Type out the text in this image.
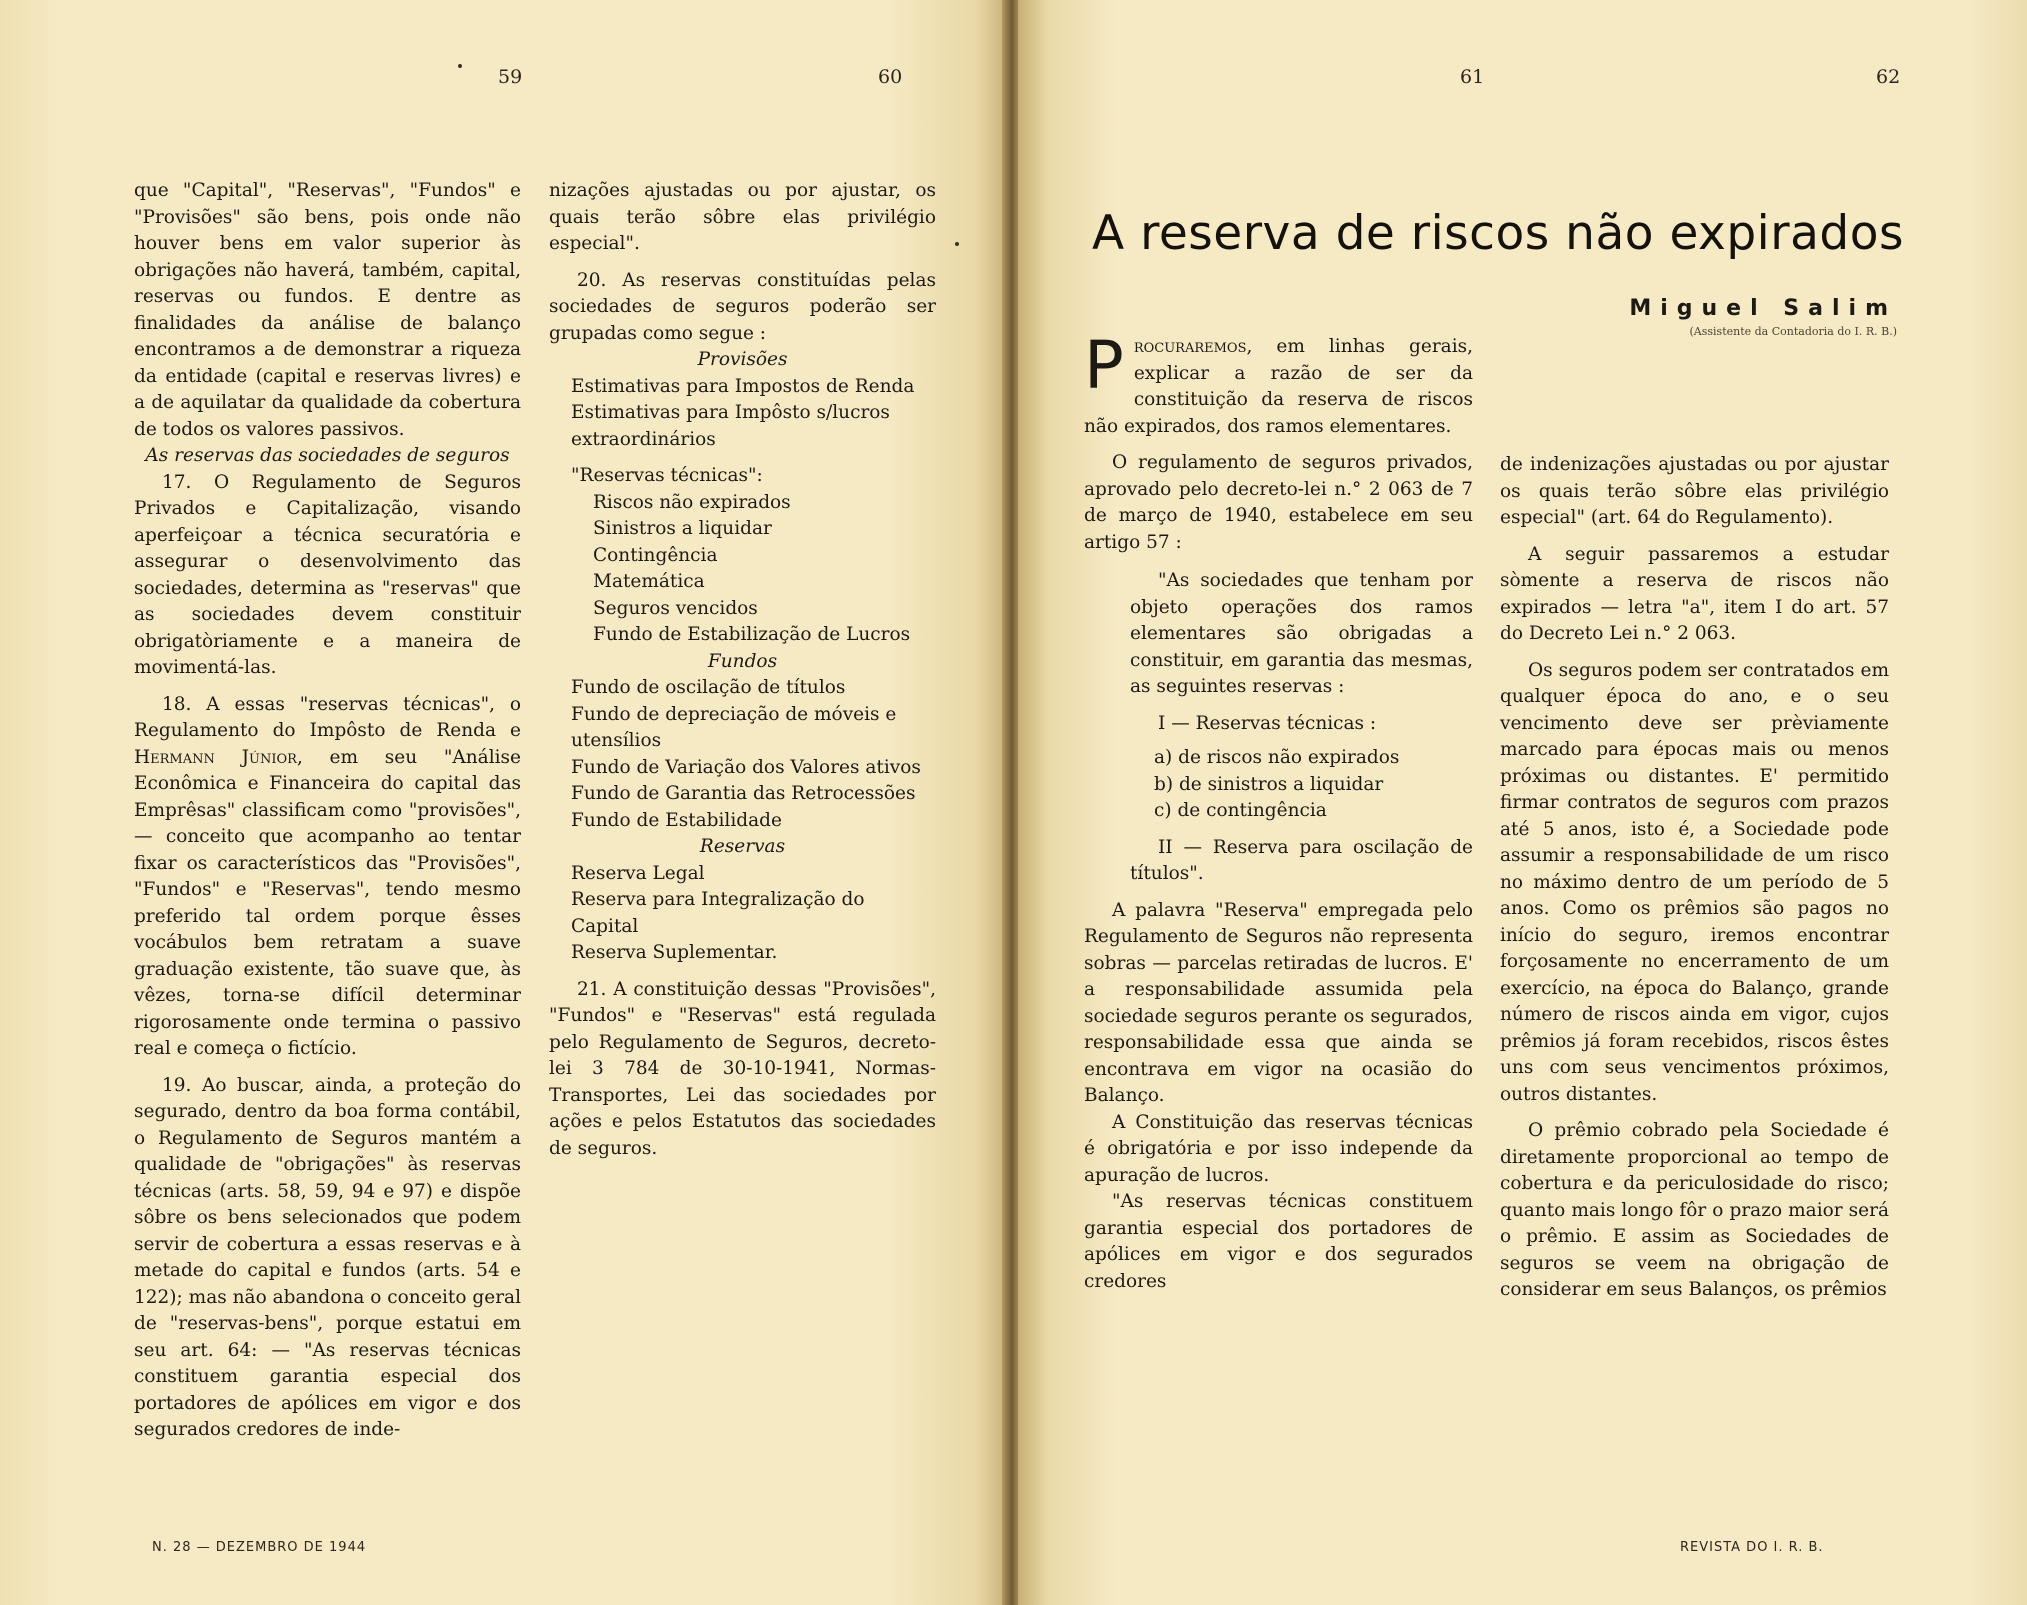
59	60

que "Capital", "Reservas", "Fundos" e "Provisões" são bens, pois onde não houver bens em valor superior às obrigações não haverá, também, capital, reservas ou fundos. E dentre as finalidades da análise de balanço encontramos a de demonstrar a riqueza da entidade (capital e reservas livres) e a de aquilatar da qualidade da cobertura de todos os valores passivos.

As reservas das sociedades de seguros

17. O Regulamento de Seguros Privados e Capitalização, visando aperfeiçoar a técnica securatória e assegurar o desenvolvimento das sociedades, determina as "reservas" que as sociedades devem constituir obrigatòriamente e a maneira de movimentá-las.

18. A essas "reservas técnicas", o Regulamento do Impôsto de Renda e Hermann Júnior, em seu "Análise Econômica e Financeira do capital das Emprêsas" classificam como "provisões", — conceito que acompanho ao tentar fixar os característicos das "Provisões", "Fundos" e "Reservas", tendo mesmo preferido tal ordem porque êsses vocábulos bem retratam a suave graduação existente, tão suave que, às vêzes, torna-se difícil determinar rigorosamente onde termina o passivo real e começa o fictício.

19. Ao buscar, ainda, a proteção do segurado, dentro da boa forma contábil, o Regulamento de Seguros mantém a qualidade de "obrigações" às reservas técnicas (arts. 58, 59, 94 e 97) e dispõe sôbre os bens selecionados que podem servir de cobertura a essas reservas e à metade do capital e fundos (arts. 54 e 122); mas não abandona o conceito geral de "reservas-bens", porque estatui em seu art. 64: — "As reservas técnicas constituem garantia especial dos portadores de apólices em vigor e dos segurados credores de inde-

nizações ajustadas ou por ajustar, os quais terão sôbre elas privilégio especial".

20. As reservas constituídas pelas sociedades de seguros poderão ser grupadas como segue :

Provisões

Estimativas para Impostos de Renda
Estimativas para Impôsto s/lucros extraordinários
"Reservas técnicas":
Riscos não expirados
Sinistros a liquidar
Contingência
Matemática
Seguros vencidos
Fundo de Estabilização de Lucros

Fundos

Fundo de oscilação de títulos
Fundo de depreciação de móveis e utensílios
Fundo de Variação dos Valores ativos
Fundo de Garantia das Retrocessões
Fundo de Estabilidade

Reservas

Reserva Legal
Reserva para Integralização do Capital
Reserva Suplementar.

21. A constituição dessas "Provisões", "Fundos" e "Reservas" está regulada pelo Regulamento de Seguros, decreto-lei 3 784 de 30-10-1941, Normas-Transportes, Lei das sociedades por ações e pelos Estatutos das sociedades de seguros.

N. 28 — DEZEMBRO DE 1944
61	62
A reserva de riscos não expirados
Miguel Salim
(Assistente da Contadoria do I. R. B.)

Procuraremos, em linhas gerais, explicar a razão de ser da constituição da reserva de riscos não expirados, dos ramos elementares.

O regulamento de seguros privados, aprovado pelo decreto-lei n.° 2 063 de 7 de março de 1940, estabelece em seu artigo 57 :

"As sociedades que tenham por objeto operações dos ramos elementares são obrigadas a constituir, em garantia das mesmas, as seguintes reservas :

I — Reservas técnicas :

a) de riscos não expirados
b) de sinistros a liquidar
c) de contingência

II — Reserva para oscilação de títulos".

A palavra "Reserva" empregada pelo Regulamento de Seguros não representa sobras — parcelas retiradas de lucros. E' a responsabilidade assumida pela sociedade seguros perante os segurados, responsabilidade essa que ainda se encontrava em vigor na ocasião do Balanço.

A Constituição das reservas técnicas é obrigatória e por isso independe da apuração de lucros.

"As reservas técnicas constituem garantia especial dos portadores de apólices em vigor e dos segurados credores

de indenizações ajustadas ou por ajustar os quais terão sôbre elas privilégio especial" (art. 64 do Regulamento).

A seguir passaremos a estudar sòmente a reserva de riscos não expirados — letra "a", item I do art. 57 do Decreto Lei n.° 2 063.

Os seguros podem ser contratados em qualquer época do ano, e o seu vencimento deve ser prèviamente marcado para épocas mais ou menos próximas ou distantes. E' permitido firmar contratos de seguros com prazos até 5 anos, isto é, a Sociedade pode assumir a responsabilidade de um risco no máximo dentro de um período de 5 anos. Como os prêmios são pagos no início do seguro, iremos encontrar forçosamente no encerramento de um exercício, na época do Balanço, grande número de riscos ainda em vigor, cujos prêmios já foram recebidos, riscos êstes uns com seus vencimentos próximos, outros distantes.

O prêmio cobrado pela Sociedade é diretamente proporcional ao tempo de cobertura e da periculosidade do risco; quanto mais longo fôr o prazo maior será o prêmio. E assim as Sociedades de seguros se veem na obrigação de considerar em seus Balanços, os prêmios

REVISTA DO I. R. B.
